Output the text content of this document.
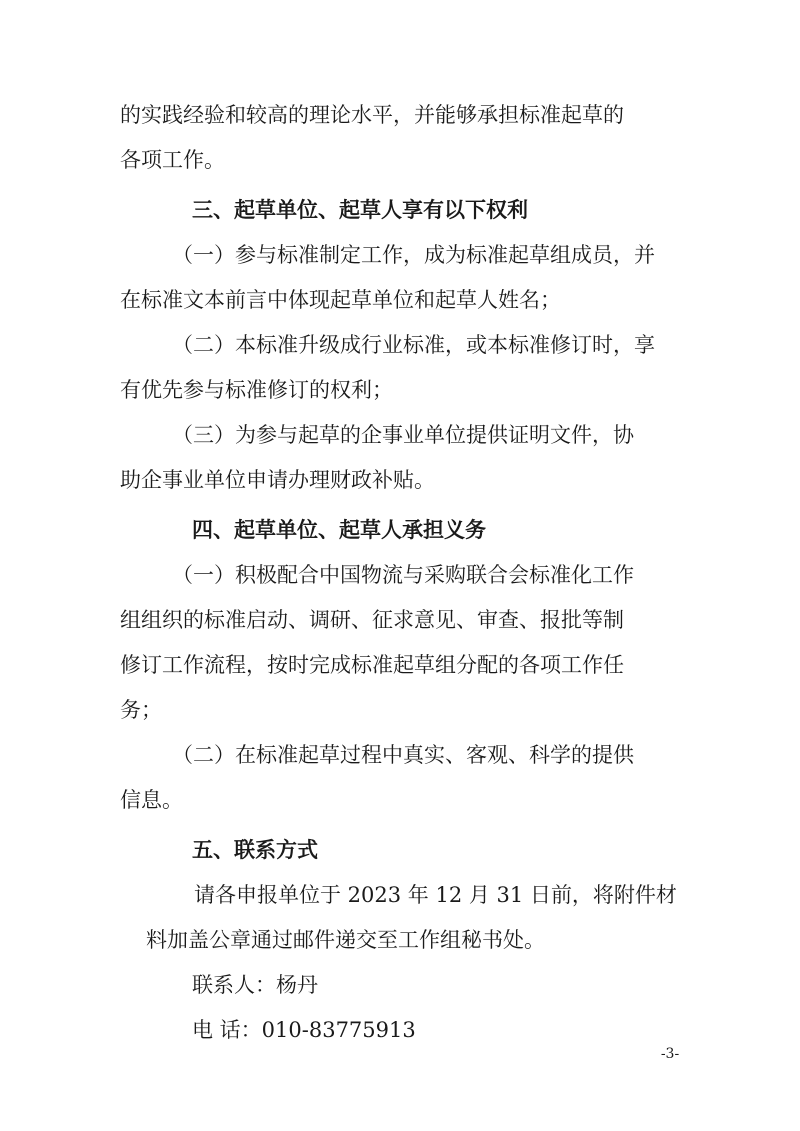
的实践经验和较高的理论水平，并能够承担标准起草的

各项工作。

三、起草单位、起草人享有以下权利

（一）参与标准制定工作，成为标准起草组成员，并

在标准文本前言中体现起草单位和起草人姓名；

（二）本标准升级成行业标准，或本标准修订时，享

有优先参与标准修订的权利；

（三）为参与起草的企事业单位提供证明文件，协

助企事业单位申请办理财政补贴。

四、起草单位、起草人承担义务

（一）积极配合中国物流与采购联合会标准化工作

组组织的标准启动、调研、征求意见、审查、报批等制

修订工作流程，按时完成标准起草组分配的各项工作任

务；

（二）在标准起草过程中真实、客观、科学的提供

信息。

五、联系方式

请各申报单位于 2023 年 12 月 31 日前，将附件材

料加盖公章通过邮件递交至工作组秘书处。

联系人：杨丹

电 话：010-83775913

-3-
